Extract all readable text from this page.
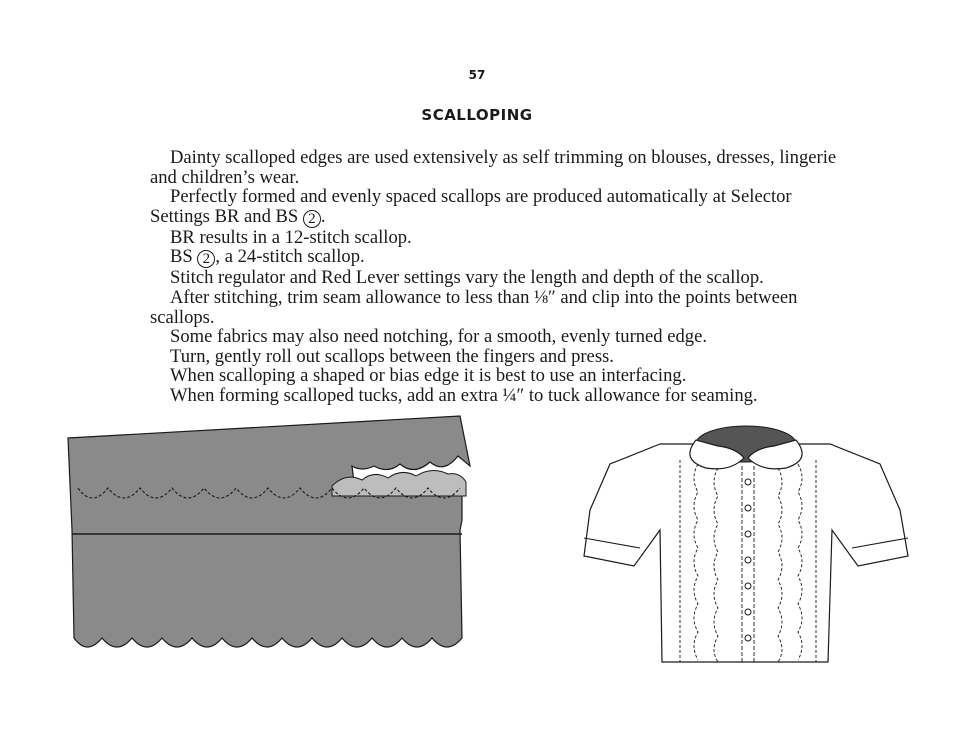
57
SCALLOPING

Dainty scalloped edges are used extensively as self trimming on blouses, dresses, lingerie and children’s wear.

Perfectly formed and evenly spaced scallops are produced automatically at Selector Settings BR and BS 2 .

BR results in a 12-stitch scallop.

BS 2 , a 24-stitch scallop.

Stitch regulator and Red Lever settings vary the length and depth of the scallop.

After stitching, trim seam allowance to less than ⅛″ and clip into the points between scallops.

Some fabrics may also need notching, for a smooth, evenly turned edge.

Turn, gently roll out scallops between the fingers and press.

When scalloping a shaped or bias edge it is best to use an interfacing.

When forming scalloped tucks, add an extra ¼″ to tuck allowance for seaming.
